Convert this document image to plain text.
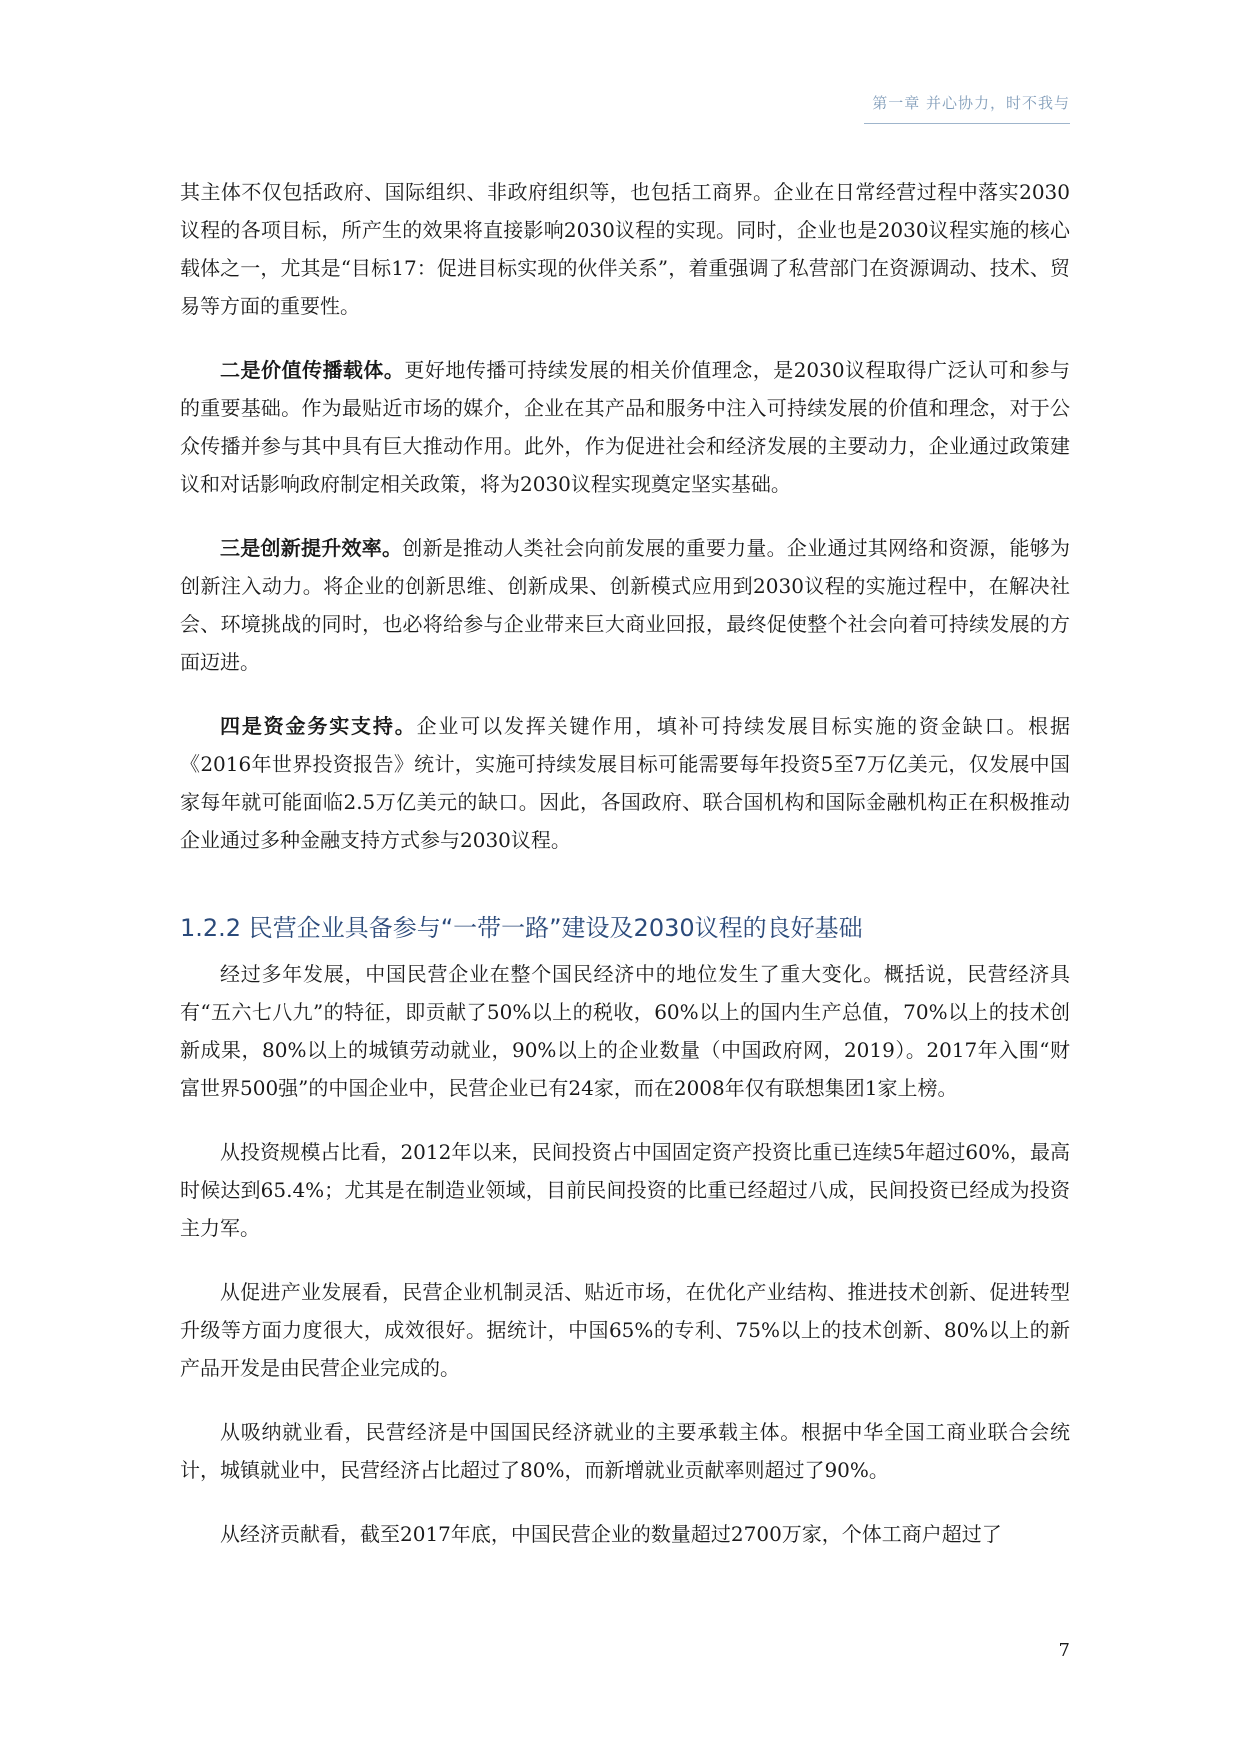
第一章 并心协力，时不我与

其主体不仅包括政府、国际组织、非政府组织等，也包括工商界。企业在日常经营过程中落实2030议程的各项目标，所产生的效果将直接影响2030议程的实现。同时，企业也是2030议程实施的核心载体之一，尤其是“目标17：促进目标实现的伙伴关系”，着重强调了私营部门在资源调动、技术、贸易等方面的重要性。

二是价值传播载体。更好地传播可持续发展的相关价值理念，是2030议程取得广泛认可和参与的重要基础。作为最贴近市场的媒介，企业在其产品和服务中注入可持续发展的价值和理念，对于公众传播并参与其中具有巨大推动作用。此外，作为促进社会和经济发展的主要动力，企业通过政策建议和对话影响政府制定相关政策，将为2030议程实现奠定坚实基础。

三是创新提升效率。创新是推动人类社会向前发展的重要力量。企业通过其网络和资源，能够为创新注入动力。将企业的创新思维、创新成果、创新模式应用到2030议程的实施过程中，在解决社会、环境挑战的同时，也必将给参与企业带来巨大商业回报，最终促使整个社会向着可持续发展的方面迈进。

四是资金务实支持。企业可以发挥关键作用，填补可持续发展目标实施的资金缺口。根据《2016年世界投资报告》统计，实施可持续发展目标可能需要每年投资5至7万亿美元，仅发展中国家每年就可能面临2.5万亿美元的缺口。因此，各国政府、联合国机构和国际金融机构正在积极推动企业通过多种金融支持方式参与2030议程。

1.2.2 民营企业具备参与“一带一路”建设及2030议程的良好基础

经过多年发展，中国民营企业在整个国民经济中的地位发生了重大变化。概括说，民营经济具有“五六七八九”的特征，即贡献了50%以上的税收，60%以上的国内生产总值，70%以上的技术创新成果，80%以上的城镇劳动就业，90%以上的企业数量（中国政府网，2019）。2017年入围“财富世界500强”的中国企业中，民营企业已有24家，而在2008年仅有联想集团1家上榜。

从投资规模占比看，2012年以来，民间投资占中国固定资产投资比重已连续5年超过60%，最高时候达到65.4%；尤其是在制造业领域，目前民间投资的比重已经超过八成，民间投资已经成为投资主力军。

从促进产业发展看，民营企业机制灵活、贴近市场，在优化产业结构、推进技术创新、促进转型升级等方面力度很大，成效很好。据统计，中国65%的专利、75%以上的技术创新、80%以上的新产品开发是由民营企业完成的。

从吸纳就业看，民营经济是中国国民经济就业的主要承载主体。根据中华全国工商业联合会统计，城镇就业中，民营经济占比超过了80%，而新增就业贡献率则超过了90%。

从经济贡献看，截至2017年底，中国民营企业的数量超过2700万家，个体工商户超过了

7
